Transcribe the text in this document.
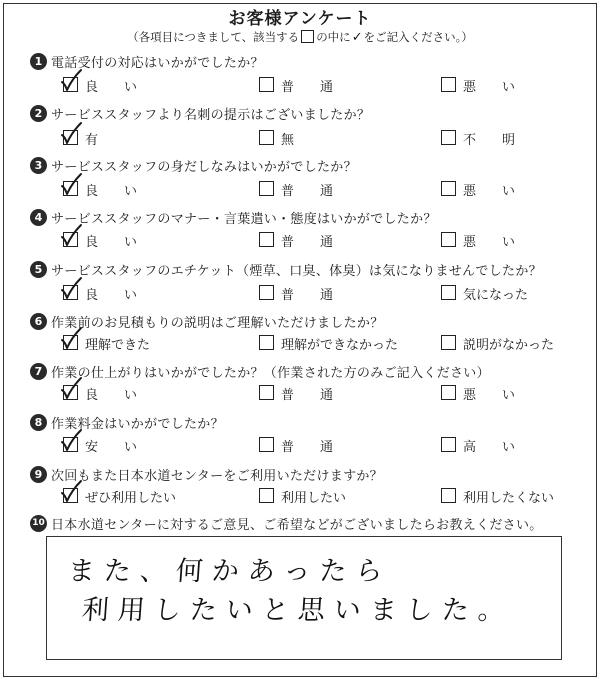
お客様アンケート
（各項目につきまして、該当する の中に✓をご記入ください。）
1 電話受付の対応はいかがでしたか？
良　　い	普　　通	悪　　い
2 サービススタッフより名刺の提示はございましたか？
有	無	不　　明
3 サービススタッフの身だしなみはいかがでしたか？
良　　い	普　　通	悪　　い
4 サービススタッフのマナー・言葉遣い・態度はいかがでしたか？
良　　い	普　　通	悪　　い
5 サービススタッフのエチケット（煙草、口臭、体臭）は気になりませんでしたか？
良　　い	普　　通	気になった
6 作業前のお見積もりの説明はご理解いただけましたか？
理解できた	理解ができなかった	説明がなかった
7 作業の仕上がりはいかがでしたか？（作業された方のみご記入ください）
良　　い	普　　通	悪　　い
8 作業料金はいかがでしたか？
安　　い	普　　通	高　　い
9 次回もまた日本水道センターをご利用いただけますか？
ぜひ利用したい	利用したい	利用したくない
10 日本水道センターに対するご意見、ご希望などがございましたらお教えください。
また、何かあったら
利用したいと思いました。
